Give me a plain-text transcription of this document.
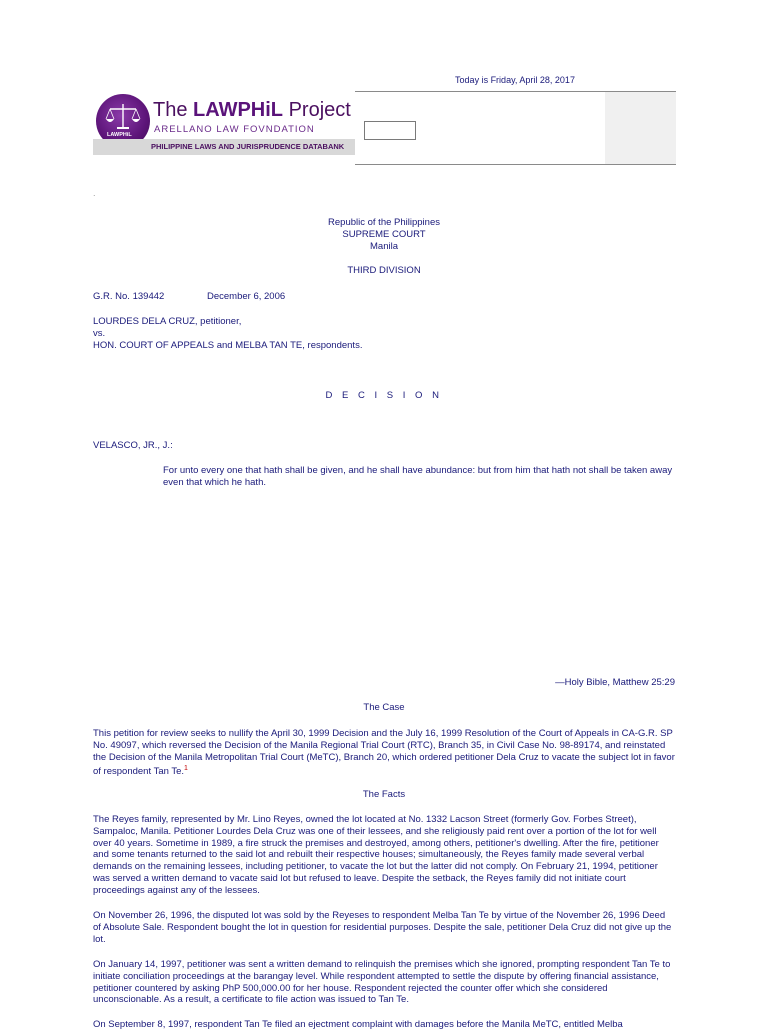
Today is Friday, April 28, 2017
LAWPHiL
The LAWPHiL Project
ARELLANO LAW FOVNDATION
PHILIPPINE LAWS AND JURISPRUDENCE DATABANK
.
Republic of the Philippines
SUPREME COURT
Manila
THIRD DIVISION
G.R. No. 139442	December 6, 2006
LOURDES DELA CRUZ, petitioner,
vs.
HON. COURT OF APPEALS and MELBA TAN TE, respondents.
D E C I S I O N
VELASCO, JR., J.:
For unto every one that hath shall be given, and he shall have abundance: but from him that hath not shall be taken away even that which he hath.
—Holy Bible, Matthew 25:29
The Case
This petition for review seeks to nullify the April 30, 1999 Decision and the July 16, 1999 Resolution of the Court of Appeals in CA-G.R. SP No. 49097, which reversed the Decision of the Manila Regional Trial Court (RTC), Branch 35, in Civil Case No. 98-89174, and reinstated the Decision of the Manila Metropolitan Trial Court (MeTC), Branch 20, which ordered petitioner Dela Cruz to vacate the subject lot in favor of respondent Tan Te.$^1$
The Facts
The Reyes family, represented by Mr. Lino Reyes, owned the lot located at No. 1332 Lacson Street (formerly Gov. Forbes Street), Sampaloc, Manila. Petitioner Lourdes Dela Cruz was one of their lessees, and she religiously paid rent over a portion of the lot for well over 40 years. Sometime in 1989, a fire struck the premises and destroyed, among others, petitioner's dwelling. After the fire, petitioner and some tenants returned to the said lot and rebuilt their respective houses; simultaneously, the Reyes family made several verbal demands on the remaining lessees, including petitioner, to vacate the lot but the latter did not comply. On February 21, 1994, petitioner was served a written demand to vacate said lot but refused to leave. Despite the setback, the Reyes family did not initiate court proceedings against any of the lessees.
On November 26, 1996, the disputed lot was sold by the Reyeses to respondent Melba Tan Te by virtue of the November 26, 1996 Deed of Absolute Sale. Respondent bought the lot in question for residential purposes. Despite the sale, petitioner Dela Cruz did not give up the lot.
On January 14, 1997, petitioner was sent a written demand to relinquish the premises which she ignored, prompting respondent Tan Te to initiate conciliation proceedings at the barangay level. While respondent attempted to settle the dispute by offering financial assistance, petitioner countered by asking PhP 500,000.00 for her house. Respondent rejected the counter offer which she considered unconscionable. As a result, a certificate to file action was issued to Tan Te.
On September 8, 1997, respondent Tan Te filed an ejectment complaint with damages before the Manila MeTC, entitled Melba
